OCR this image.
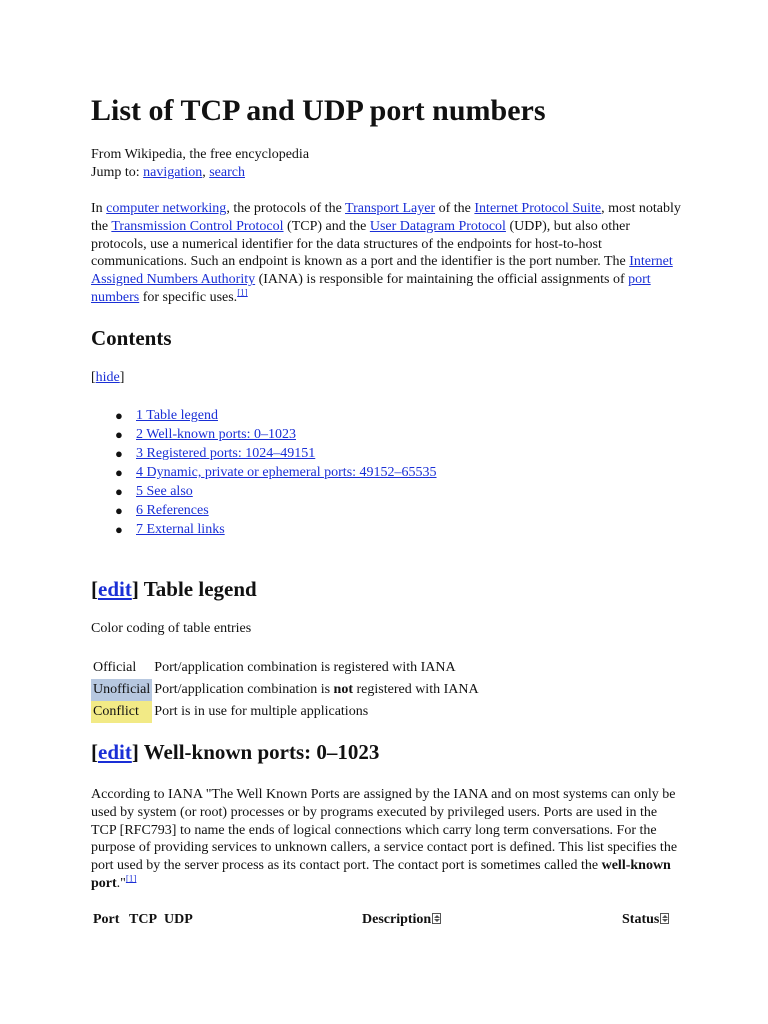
List of TCP and UDP port numbers
From Wikipedia, the free encyclopedia
Jump to: navigation, search
In computer networking, the protocols of the Transport Layer of the Internet Protocol Suite, most notably the Transmission Control Protocol (TCP) and the User Datagram Protocol (UDP), but also other protocols, use a numerical identifier for the data structures of the endpoints for host-to-host communications. Such an endpoint is known as a port and the identifier is the port number. The Internet Assigned Numbers Authority (IANA) is responsible for maintaining the official assignments of port numbers for specific uses.[1]
Contents
[hide]
● 1 Table legend
● 2 Well-known ports: 0–1023
● 3 Registered ports: 1024–49151
● 4 Dynamic, private or ephemeral ports: 49152–65535
● 5 See also
● 6 References
● 7 External links
[edit] Table legend
Color coding of table entries
Official	Port/application combination is registered with IANA
Unofficial	Port/application combination is not registered with IANA
Conflict	Port is in use for multiple applications
[edit] Well-known ports: 0–1023
According to IANA "The Well Known Ports are assigned by the IANA and on most systems can only be used by system (or root) processes or by programs executed by privileged users. Ports are used in the TCP [RFC793] to name the ends of logical connections which carry long term conversations. For the purpose of providing services to unknown callers, a service contact port is defined. This list specifies the port used by the server process as its contact port. The contact port is sometimes called the well-known port."[1]
Port TCP UDP	Description	Status
